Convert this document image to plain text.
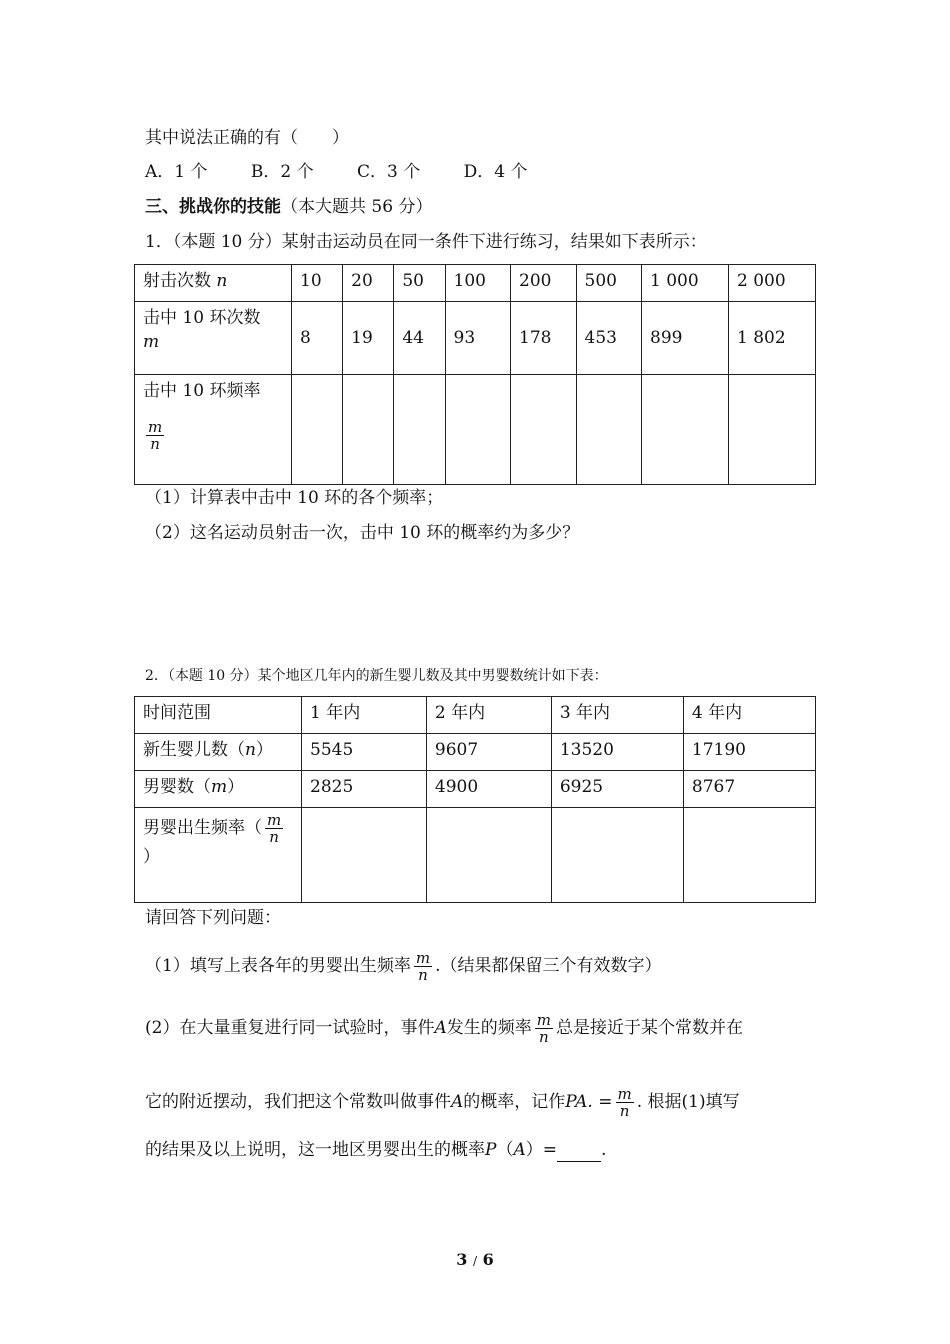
其中说法正确的有（　　）
A．1 个	B．2 个	C．3 个	D．4 个
三、挑战你的技能（本大题共 56 分）
1．（本题 10 分）某射击运动员在同一条件下进行练习，结果如下表所示：
射击次数 n	10	20	50	100	200	500	1 000	2 000
击中 10 环次数
m	8	19	44	93	178	453	899	1 802
击中 10 环频率

$\frac{m}{n}$

（1）计算表中击中 10 环的各个频率；
（2）这名运动员射击一次，击中 10 环的概率约为多少？
2．（本题 10 分）某个地区几年内的新生婴儿数及其中男婴数统计如下表：
时间范围	1 年内	2 年内	3 年内	4 年内
新生婴儿数（n）	5545	9607	13520	17190
男婴数（m）	2825	4900	6925	8767
男婴出生频率（ $\frac{m}{n}$

）				
请回答下列问题：
（1）填写上表各年的男婴出生频率 $\frac{m}{n}$ .（结果都保留三个有效数字）
(2）在大量重复进行同一试验时，事件A发生的频率 $\frac{m}{n}$ 总是接近于某个常数并在
它的附近摆动，我们把这个常数叫做事件A的概率，记作PA. = $\frac{m}{n}$ . 根据(1)填写
的结果及以上说明，这一地区男婴出生的概率P（A）=	.
3 / 6
